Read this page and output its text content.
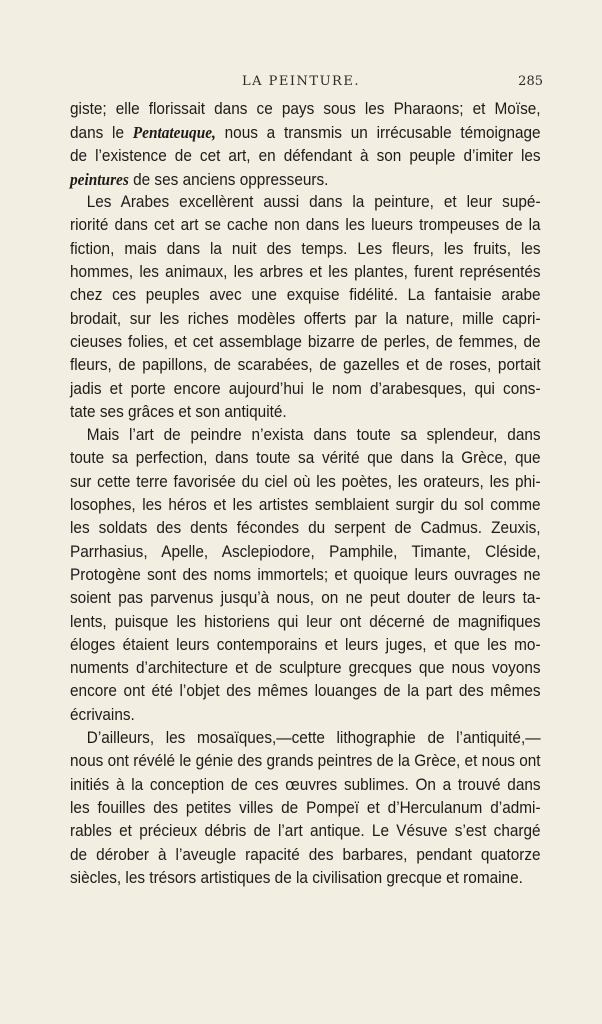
LA PEINTURE.	285
giste; elle florissait dans ce pays sous les Pharaons; et Moïse,
dans le Pentateuque, nous a transmis un irrécusable témoignage
de l’existence de cet art, en défendant à son peuple d’imiter les
peintures de ses anciens oppresseurs.
Les Arabes excellèrent aussi dans la peinture, et leur supé-
riorité dans cet art se cache non dans les lueurs trompeuses de la
fiction, mais dans la nuit des temps. Les fleurs, les fruits, les
hommes, les animaux, les arbres et les plantes, furent représentés
chez ces peuples avec une exquise fidélité. La fantaisie arabe
brodait, sur les riches modèles offerts par la nature, mille capri-
cieuses folies, et cet assemblage bizarre de perles, de femmes, de
fleurs, de papillons, de scarabées, de gazelles et de roses, portait
jadis et porte encore aujourd’hui le nom d’arabesques, qui cons-
tate ses grâces et son antiquité.
Mais l’art de peindre n’exista dans toute sa splendeur, dans
toute sa perfection, dans toute sa vérité que dans la Grèce, que
sur cette terre favorisée du ciel où les poètes, les orateurs, les phi-
losophes, les héros et les artistes semblaient surgir du sol comme
les soldats des dents fécondes du serpent de Cadmus. Zeuxis,
Parrhasius, Apelle, Asclepiodore, Pamphile, Timante, Cléside,
Protogène sont des noms immortels; et quoique leurs ouvrages ne
soient pas parvenus jusqu’à nous, on ne peut douter de leurs ta-
lents, puisque les historiens qui leur ont décerné de magnifiques
éloges étaient leurs contemporains et leurs juges, et que les mo-
numents d’architecture et de sculpture grecques que nous voyons
encore ont été l’objet des mêmes louanges de la part des mêmes
écrivains.
D’ailleurs, les mosaïques,—cette lithographie de l’antiquité,—
nous ont révélé le génie des grands peintres de la Grèce, et nous ont
initiés à la conception de ces œuvres sublimes. On a trouvé dans
les fouilles des petites villes de Pompeï et d’Herculanum d’admi-
rables et précieux débris de l’art antique. Le Vésuve s’est chargé
de dérober à l’aveugle rapacité des barbares, pendant quatorze
siècles, les trésors artistiques de la civilisation grecque et romaine.
